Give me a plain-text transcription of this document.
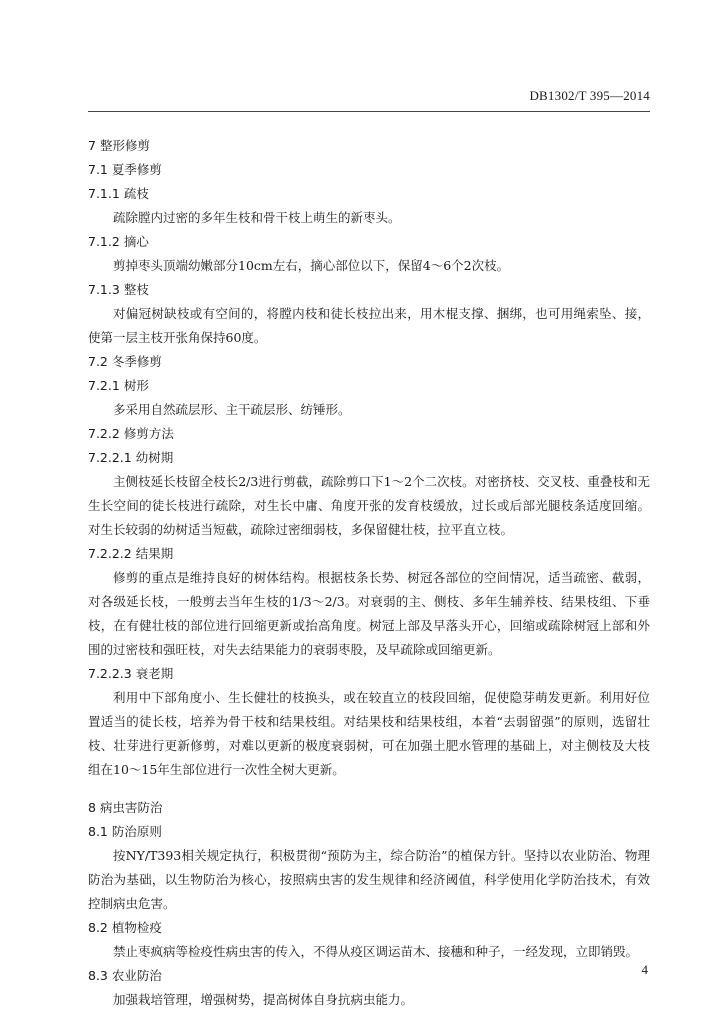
DB1302/T 395—2014
7 整形修剪
7.1 夏季修剪
7.1.1 疏枝

疏除膛内过密的多年生枝和骨干枝上萌生的新枣头。

7.1.2 摘心

剪掉枣头顶端幼嫩部分10cm左右，摘心部位以下，保留4～6个2次枝。

7.1.3 整枝

对偏冠树缺枝或有空间的，将膛内枝和徒长枝拉出来，用木棍支撑、捆绑，也可用绳索坠、接，使第一层主枝开张角保持60度。

7.2 冬季修剪
7.2.1 树形

多采用自然疏层形、主干疏层形、纺锤形。

7.2.2 修剪方法
7.2.2.1 幼树期

主侧枝延长枝留全枝长2/3进行剪截，疏除剪口下1～2个二次枝。对密挤枝、交叉枝、重叠枝和无生长空间的徒长枝进行疏除，对生长中庸、角度开张的发育枝缓放，过长或后部光腿枝条适度回缩。对生长较弱的幼树适当短截，疏除过密细弱枝，多保留健壮枝，拉平直立枝。

7.2.2.2 结果期

修剪的重点是维持良好的树体结构。根据枝条长势、树冠各部位的空间情况，适当疏密、截弱，对各级延长枝，一般剪去当年生枝的1/3～2/3。对衰弱的主、侧枝、多年生辅养枝、结果枝组、下垂枝，在有健壮枝的部位进行回缩更新或抬高角度。树冠上部及早落头开心，回缩或疏除树冠上部和外围的过密枝和强旺枝，对失去结果能力的衰弱枣股，及早疏除或回缩更新。

7.2.2.3 衰老期

利用中下部角度小、生长健壮的枝换头，或在较直立的枝段回缩，促使隐芽萌发更新。利用好位置适当的徒长枝，培养为骨干枝和结果枝组。对结果枝和结果枝组，本着“去弱留强”的原则，选留壮枝、壮芽进行更新修剪，对难以更新的极度衰弱树，可在加强土肥水管理的基础上，对主侧枝及大枝组在10～15年生部位进行一次性全树大更新。

8 病虫害防治
8.1 防治原则

按NY/T393相关规定执行，积极贯彻“预防为主，综合防治”的植保方针。坚持以农业防治、物理防治为基础，以生物防治为核心，按照病虫害的发生规律和经济阈值，科学使用化学防治技术，有效控制病虫危害。

8.2 植物检疫

禁止枣疯病等检疫性病虫害的传入，不得从疫区调运苗木、接穗和种子，一经发现，立即销毁。

8.3 农业防治

加强栽培管理，增强树势，提高树体自身抗病虫能力。

4
